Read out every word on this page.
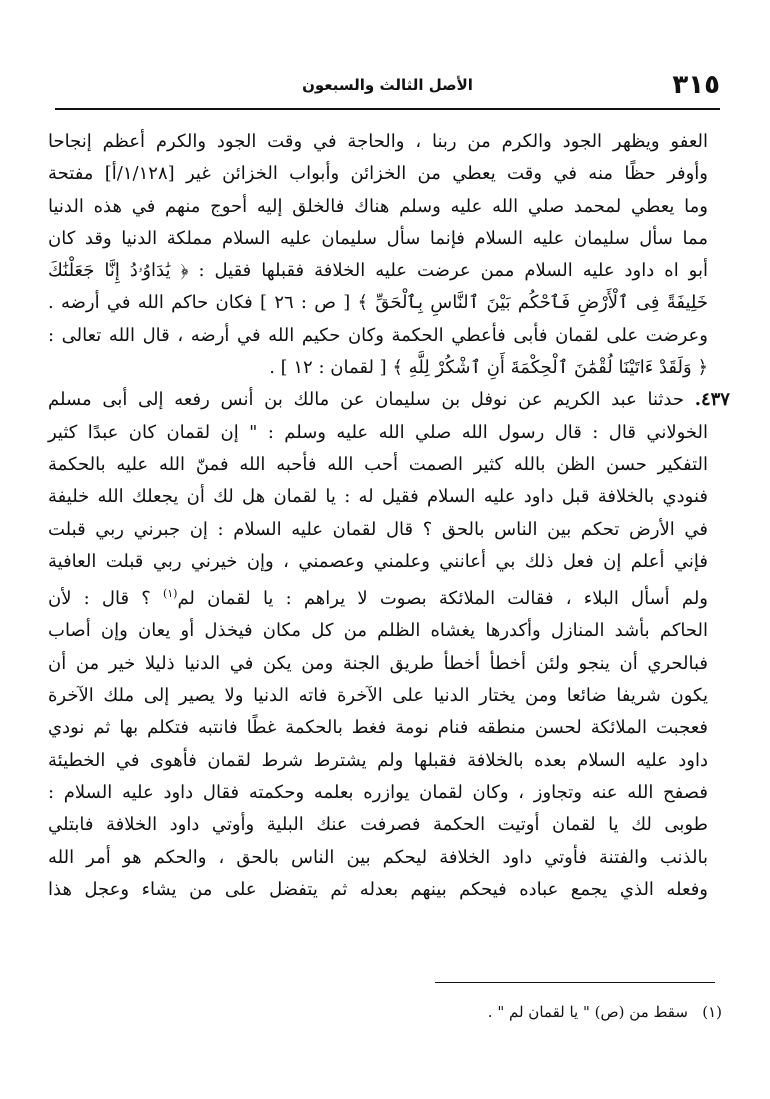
٣١٥
الأصل الثالث والسبعون
العفو ويظهر الجود والكرم من ربنا ، والحاجة في وقت الجود والكرم أعظم إنجاحا
وأوفر حظًا منه في وقت يعطي من الخزائن وأبواب الخزائن غير [١/١٢٨/أ] مفتحة
وما يعطي لمحمد صلي الله عليه وسلم هناك فالخلق إليه أحوج منهم في هذه الدنيا
مما سأل سليمان عليه السلام فإنما سأل سليمان عليه السلام مملكة الدنيا وقد كان
أبو اه داود عليه السلام ممن عرضت عليه الخلافة فقبلها فقيل : ﴿ يَٰدَاوُۥدُ إِنَّا جَعَلْنَٰكَ
خَلِيفَةً فِى ٱلْأَرْضِ فَٱحْكُم بَيْنَ ٱلنَّاسِ بِٱلْحَقِّ ﴾ [ ص : ٢٦ ] فكان حاكم الله في أرضه .
وعرضت على لقمان فأبى فأعطي الحكمة وكان حكيم الله في أرضه ، قال الله تعالى :
﴿ وَلَقَدْ ءَاتَيْنَا لُقْمَٰنَ ٱلْحِكْمَةَ أَنِ ٱشْكُرْ لِلَّهِ ﴾ [ لقمان : ١٢ ] .
٤٣٧. حدثنا عبد الكريم عن نوفل بن سليمان عن مالك بن أنس رفعه إلى أبى مسلم
الخولاني قال : قال رسول الله صلي الله عليه وسلم : " إن لقمان كان عبدًا كثير
التفكير حسن الظن بالله كثير الصمت أحب الله فأحبه الله فمنّ الله عليه بالحكمة
فنودي بالخلافة قبل داود عليه السلام فقيل له : يا لقمان هل لك أن يجعلك الله خليفة
في الأرض تحكم بين الناس بالحق ؟ قال لقمان عليه السلام : إن جبرني ربي قبلت
فإني أعلم إن فعل ذلك بي أعانني وعلمني وعصمني ، وإن خيرني ربي قبلت العافية
ولم أسأل البلاء ، فقالت الملائكة بصوت لا يراهم : يا لقمان لم$^{(١)}$ ؟ قال : لأن
الحاكم بأشد المنازل وأكدرها يغشاه الظلم من كل مكان فيخذل أو يعان وإن أصاب
فبالحري أن ينجو ولئن أخطأ أخطأ طريق الجنة ومن يكن في الدنيا ذليلا خير من أن
يكون شريفا ضائعا ومن يختار الدنيا على الآخرة فاته الدنيا ولا يصير إلى ملك الآخرة
فعجبت الملائكة لحسن منطقه فنام نومة فغط بالحكمة غطًا فانتبه فتكلم بها ثم نودي
داود عليه السلام بعده بالخلافة فقبلها ولم يشترط شرط لقمان فأهوى في الخطيئة
فصفح الله عنه وتجاوز ، وكان لقمان يوازره بعلمه وحكمته فقال داود عليه السلام :
طوبى لك يا لقمان أوتيت الحكمة فصرفت عنك البلية وأوتي داود الخلافة فابتلي
بالذنب والفتنة فأوتي داود الخلافة ليحكم بين الناس بالحق ، والحكم هو أمر الله
وفعله الذي يجمع عباده فيحكم بينهم بعدله ثم يتفضل على من يشاء وعجل هذا
(١)   سقط من (ص) " يا لقمان لم " .
